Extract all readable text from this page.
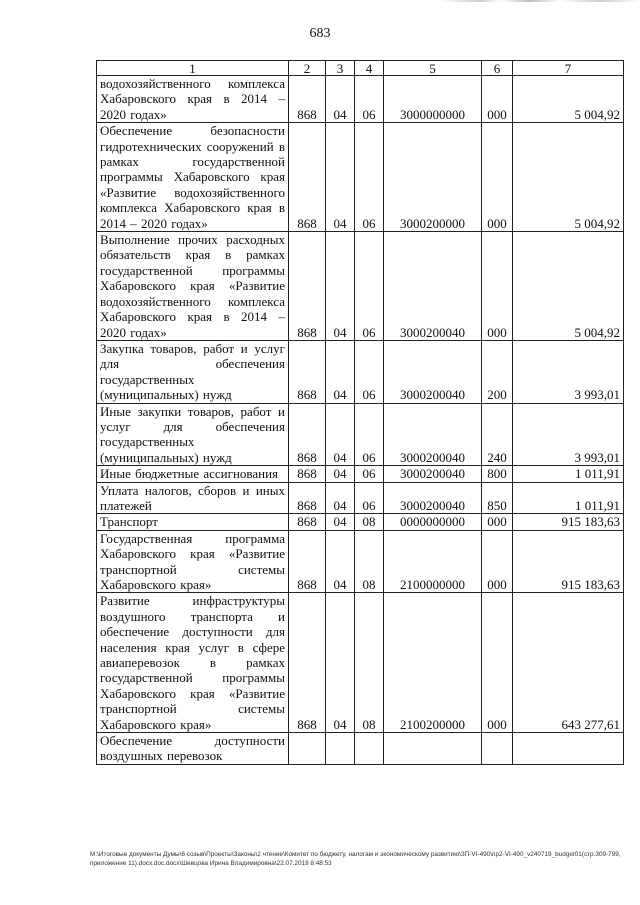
683
1	2	3	4	5	6	7
водохозяйственного комплекса Хабаровского края в 2014 – 2020 годах»	868	04	06	3000000000	000	5 004,92
Обеспечение безопасности гидротехнических сооружений в рамках государственной программы Хабаровского края «Развитие водохозяйственного комплекса Хабаровского края в 2014 – 2020 годах»	868	04	06	3000200000	000	5 004,92
Выполнение прочих расходных обязательств края в рамках государственной программы Хабаровского края «Развитие водохозяйственного комплекса Хабаровского края в 2014 – 2020 годах»	868	04	06	3000200040	000	5 004,92
Закупка товаров, работ и услуг для обеспечения государственных (муниципальных) нужд	868	04	06	3000200040	200	3 993,01
Иные закупки товаров, работ и услуг для обеспечения государственных (муниципальных) нужд	868	04	06	3000200040	240	3 993,01
Иные бюджетные ассигнования	868	04	06	3000200040	800	1 011,91
Уплата налогов, сборов и иных платежей	868	04	06	3000200040	850	1 011,91
Транспорт	868	04	08	0000000000	000	915 183,63
Государственная программа Хабаровского края «Развитие транспортной системы Хабаровского края»	868	04	08	2100000000	000	915 183,63
Развитие инфраструктуры воздушного транспорта и обеспечение доступности для населения края услуг в сфере авиаперевозок в рамках государственной программы Хабаровского края «Развитие транспортной системы Хабаровского края»	868	04	08	2100200000	000	643 277,61
Обеспечение доступности воздушных перевозок						
M:\Итоговые документы Думы\6 созыв\Проекты\Законы\2 чтение\Комитет по бюджету, налогам и экономическому развитию\ЗП-VI-490\пр2-VI-490_v240719_budget01(стр.309-799, приложение 11).docx.doc.docx\Шевцова Ирина Владимировна\22.07.2019 8:48:53
